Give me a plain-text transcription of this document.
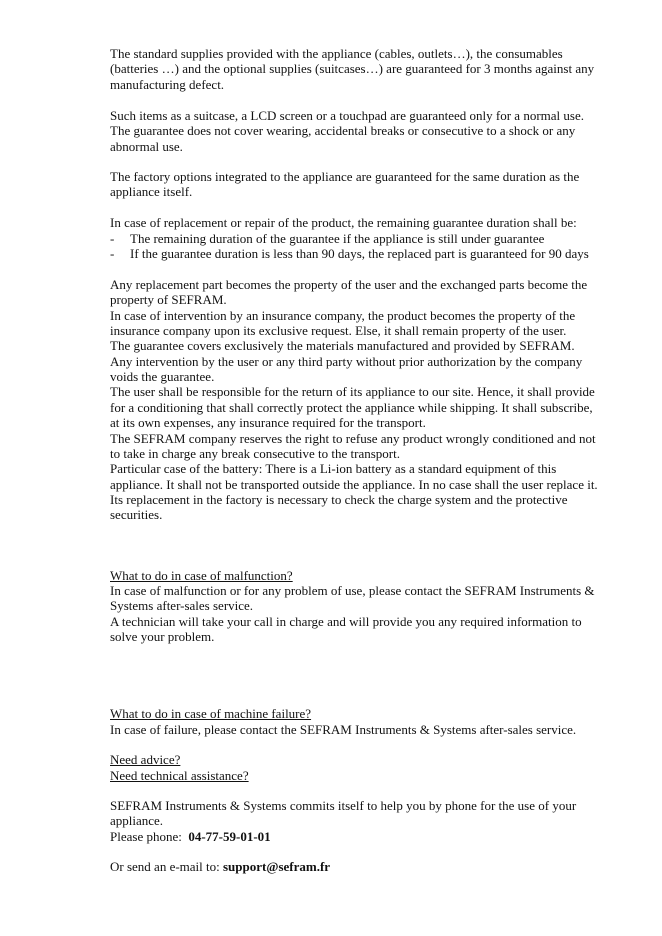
- The remaining duration of the guarantee if the appliance is still under guarantee
- If the guarantee duration is less than 90 days, the replaced part is guaranteed for 90 days
What to do in case of malfunction?
What to do in case of machine failure?
Need advice?
Need technical assistance?
Please phone: 04-77-59-01-01
Or send an e-mail to: support@sefram.fr
The standard supplies provided with the appliance (cables, outlets…), the consumables
(batteries …) and the optional supplies (suitcases…) are guaranteed for 3 months against any
manufacturing defect.
Such items as a suitcase, a LCD screen or a touchpad are guaranteed only for a normal use.
The guarantee does not cover wearing, accidental breaks or consecutive to a shock or any
abnormal use.
The factory options integrated to the appliance are guaranteed for the same duration as the
appliance itself.
In case of replacement or repair of the product, the remaining guarantee duration shall be:
Any replacement part becomes the property of the user and the exchanged parts become the
property of SEFRAM.
In case of intervention by an insurance company, the product becomes the property of the
insurance company upon its exclusive request. Else, it shall remain property of the user.
The guarantee covers exclusively the materials manufactured and provided by SEFRAM.
Any intervention by the user or any third party without prior authorization by the company
voids the guarantee.
The user shall be responsible for the return of its appliance to our site. Hence, it shall provide
for a conditioning that shall correctly protect the appliance while shipping. It shall subscribe,
at its own expenses, any insurance required for the transport.
The SEFRAM company reserves the right to refuse any product wrongly conditioned and not
to take in charge any break consecutive to the transport.
Particular case of the battery: There is a Li-ion battery as a standard equipment of this
appliance. It shall not be transported outside the appliance. In no case shall the user replace it.
Its replacement in the factory is necessary to check the charge system and the protective
securities.
In case of malfunction or for any problem of use, please contact the SEFRAM Instruments &
Systems after-sales service.
A technician will take your call in charge and will provide you any required information to
solve your problem.
In case of failure, please contact the SEFRAM Instruments & Systems after-sales service.
SEFRAM Instruments & Systems commits itself to help you by phone for the use of your
appliance.
